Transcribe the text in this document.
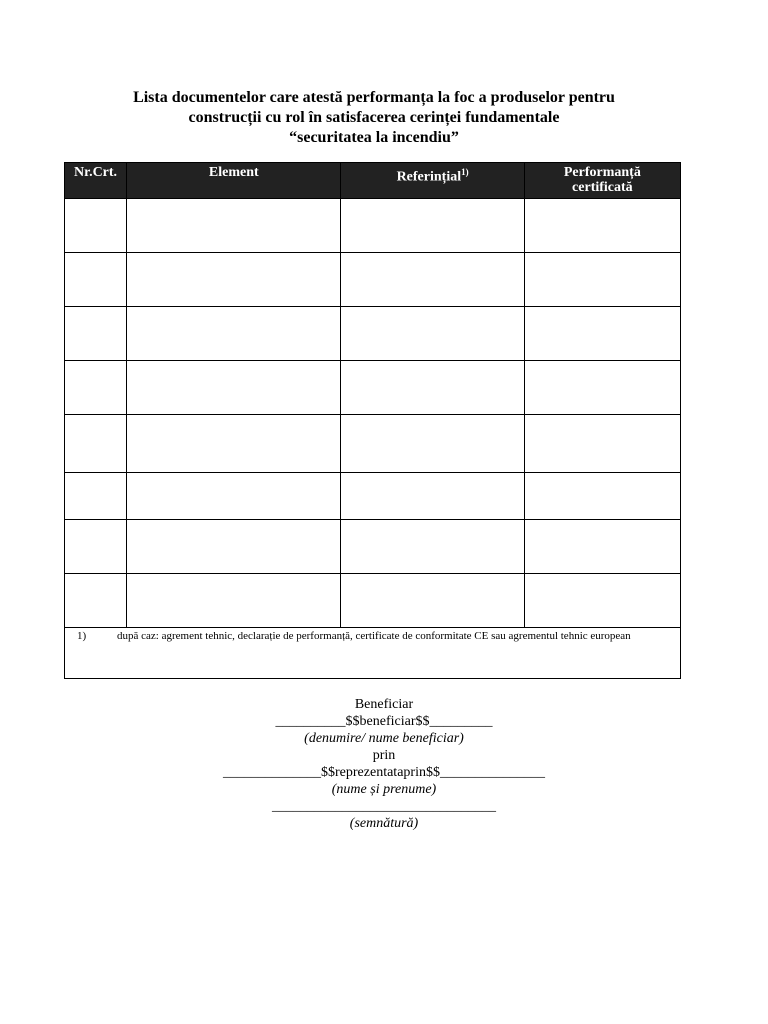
Lista documentelor care atestă performanța la foc a produselor pentru
construcții cu rol în satisfacerea cerinței fundamentale
“securitatea la incendiu”
Nr.Crt.	Element	Referințial$^{1)}$	Performanță
certificată

1) după caz: agrement tehnic, declarație de performanță, certificate de conformitate CE sau agrementul tehnic european			
Beneficiar
__________$$beneficiar$$_________
(denumire/ nume beneficiar)
prin
______________$$reprezentataprin$$_______________
(nume și prenume)
________________________________
(semnătură)
